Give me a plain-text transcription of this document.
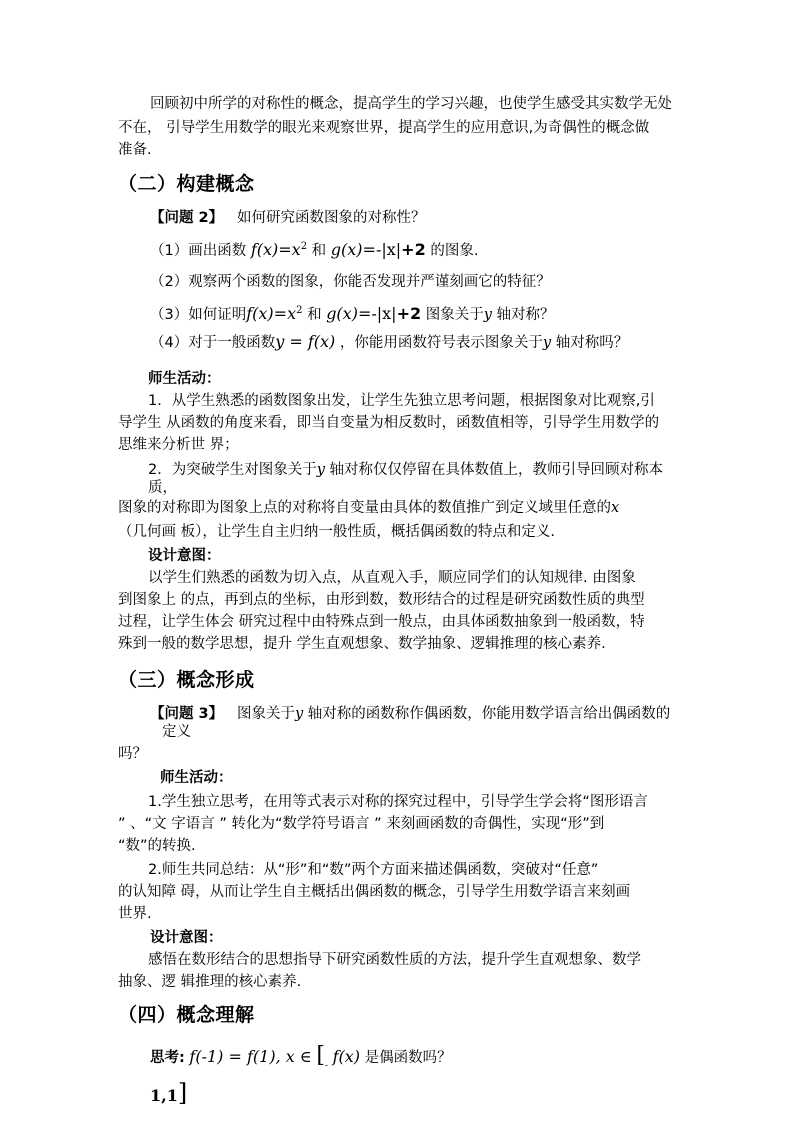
回顾初中所学的对称性的概念，提高学生的学习兴趣，也使学生感受其实数学无处
不在， 引导学生用数学的眼光来观察世界，提高学生的应用意识,为奇偶性的概念做
准备.
（二）构建概念
【问题 2】 如何研究函数图象的对称性？
（1）画出函数 $f(x)=x^2$ 和 g(x)=-|x|+2 的图象.
（2）观察两个函数的图象，你能否发现并严谨刻画它的特征？
（3）如何证明$f(x)=x^2$ 和 g(x)=-|x|+2 图象关于y 轴对称？
（4）对于一般函数y = f(x) ，你能用函数符号表示图象关于y 轴对称吗？
师生活动：
1．从学生熟悉的函数图象出发，让学生先独立思考问题，根据图象对比观察,引
导学生 从函数的角度来看，即当自变量为相反数时，函数值相等，引导学生用数学的
思维来分析世 界；
2．为突破学生对图象关于y 轴对称仅仅停留在具体数值上，教师引导回顾对称本
质，
图象的对称即为图象上点的对称将自变量由具体的数值推广到定义域里任意的x
（几何画 板），让学生自主归纳一般性质，概括偶函数的特点和定义.
设计意图：
以学生们熟悉的函数为切入点，从直观入手，顺应同学们的认知规律. 由图象
到图象上 的点，再到点的坐标，由形到数，数形结合的过程是研究函数性质的典型
过程，让学生体会 研究过程中由特殊点到一般点，由具体函数抽象到一般函数，特
殊到一般的数学思想，提升 学生直观想象、数学抽象、逻辑推理的核心素养.
（三）概念形成
【问题 3】 图象关于y 轴对称的函数称作偶函数，你能用数学语言给出偶函数的
定义
吗？
师生活动：
1.学生独立思考，在用等式表示对称的探究过程中，引导学生学会将“图形语言
” 、“文 字语言 ” 转化为“数学符号语言 ” 来刻画函数的奇偶性，实现“形”到
“数”的转换.
2.师生共同总结：从“形”和“数”两个方面来描述偶函数，突破对“任意”
的认知障 碍，从而让学生自主概括出偶函数的概念，引导学生用数学语言来刻画
世界.
设计意图：
感悟在数形结合的思想指导下研究函数性质的方法，提升学生直观想象、数学
抽象、逻 辑推理的核心素养.
（四）概念理解
思考: f(-1) = f(1), x ∈ [$_-$ f(x) 是偶函数吗？
1,1]
